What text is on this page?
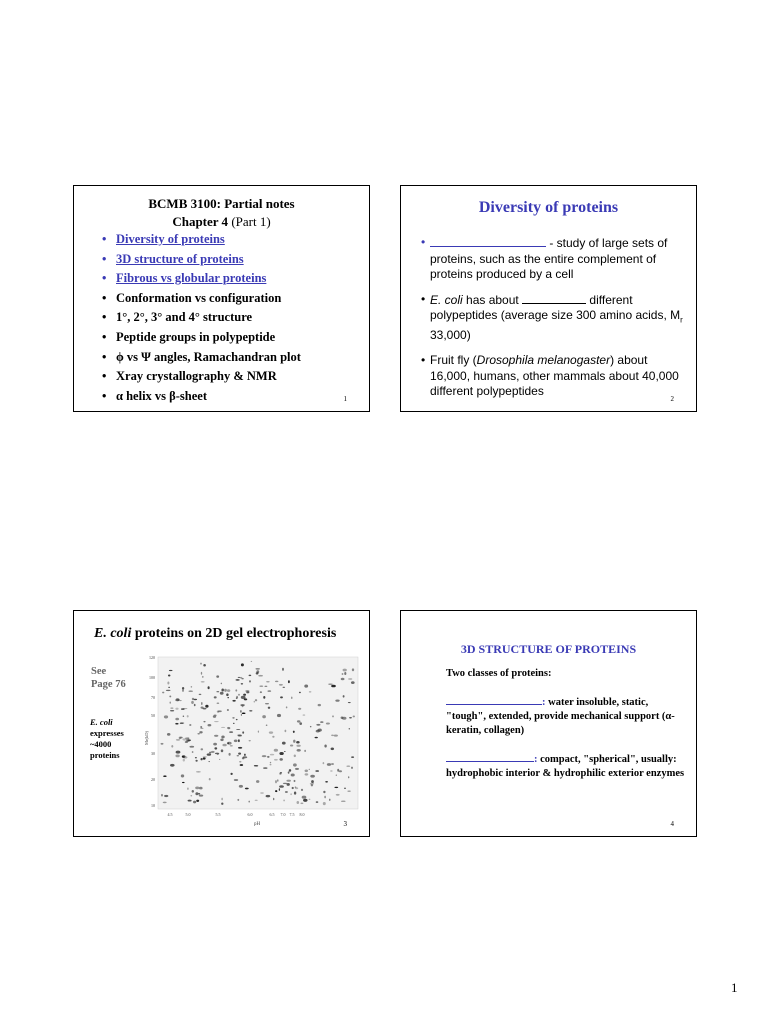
BCMB 3100: Partial notes
Chapter 4 (Part 1)
• Diversity of proteins
• 3D structure of proteins
• Fibrous vs globular proteins
• Conformation vs configuration
• 1°, 2°, 3° and 4° structure
• Peptide groups in polypeptide
• ϕ vs Ψ angles, Ramachandran plot
• Xray crystallography & NMR
• α helix vs β-sheet	1
Diversity of proteins
• - study of large sets of proteins, such as the entire complement of proteins produced by a cell
• E. coli has about	different polypeptides (average size 300 amino acids, $M_r$ 33,000)
• Fruit fly (Drosophila melanogaster) about 16,000, humans, other mammals about 40,000 different polypeptides
2
E. coli proteins on 2D gel electrophoresis
See
Page 76
E. coli
expresses
~4000
proteins
120
100
70
50
30
20
10
4.5	5.0	5.5	6.0	6.5 7.0 7.5 8.0
Mr(kD)
pH	3
3D STRUCTURE OF PROTEINS
Two classes of proteins:
: water insoluble, static, "tough", extended, provide mechanical support (α-keratin, collagen)
: compact, "spherical", usually: hydrophobic interior & hydrophilic exterior enzymes
4
1
